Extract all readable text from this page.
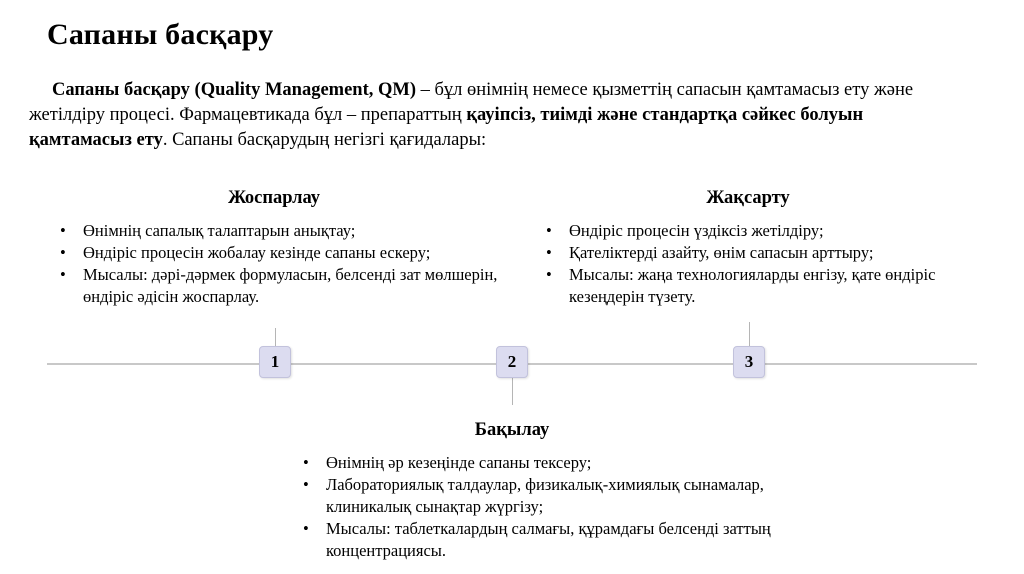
Сапаны басқару
Сапаны басқару (Quality Management, QM) – бұл өнімнің немесе қызметтің сапасын қамтамасыз ету және жетілдіру процесі. Фармацевтикада бұл – препараттың қауіпсіз, тиімді және стандартқа сәйкес болуын қамтамасыз ету. Сапаны басқарудың негізгі қағидалары:
Жоспарлау
• Өнімнің сапалық талаптарын анықтау;
• Өндіріс процесін жобалау кезінде сапаны ескеру;
• Мысалы: дәрі-дәрмек формуласын, белсенді зат мөлшерін, өндіріс әдісін жоспарлау.
Жақсарту
• Өндіріс процесін үздіксіз жетілдіру;
• Қателіктерді азайту, өнім сапасын арттыру;
• Мысалы: жаңа технологияларды енгізу, қате өндіріс кезеңдерін түзету.
1	2	3
Бақылау
• Өнімнің әр кезеңінде сапаны тексеру;
• Лабораториялық талдаулар, физикалық-химиялық сынамалар, клиникалық сынақтар жүргізу;
• Мысалы: таблеткалардың салмағы, құрамдағы белсенді заттың концентрациясы.
